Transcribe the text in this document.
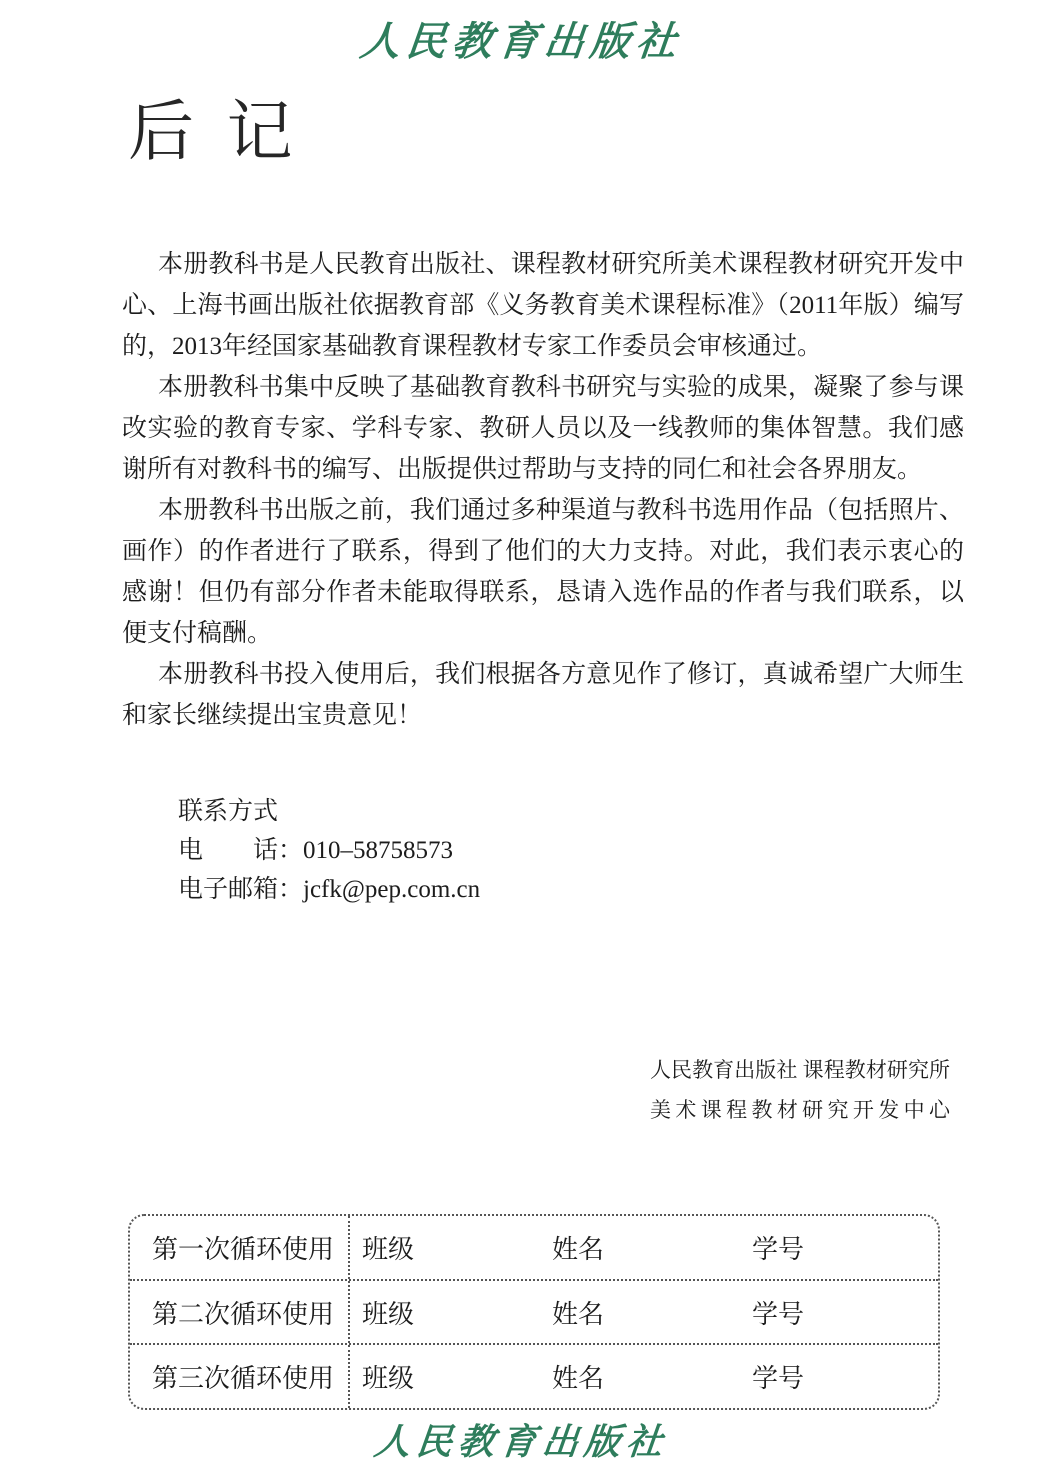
人民教育出版社
后 记

本册教科书是人民教育出版社、课程教材研究所美术课程教材研究开发中心、上海书画出版社依据教育部《义务教育美术课程标准》（2011年版）编写的，2013年经国家基础教育课程教材专家工作委员会审核通过。

本册教科书集中反映了基础教育教科书研究与实验的成果，凝聚了参与课改实验的教育专家、学科专家、教研人员以及一线教师的集体智慧。我们感谢所有对教科书的编写、出版提供过帮助与支持的同仁和社会各界朋友。

本册教科书出版之前，我们通过多种渠道与教科书选用作品（包括照片、画作）的作者进行了联系，得到了他们的大力支持。对此，我们表示衷心的感谢！但仍有部分作者未能取得联系，恳请入选作品的作者与我们联系，以便支付稿酬。

本册教科书投入使用后，我们根据各方意见作了修订，真诚希望广大师生和家长继续提出宝贵意见！

联系方式
电　　话：010–58758573
电子邮箱：jcfk@pep.com.cn
人民教育出版社 课程教材研究所
美术课程教材研究开发中心
第一次循环使用	班级	姓名	学号
第二次循环使用	班级	姓名	学号
第三次循环使用	班级	姓名	学号
人民教育出版社
